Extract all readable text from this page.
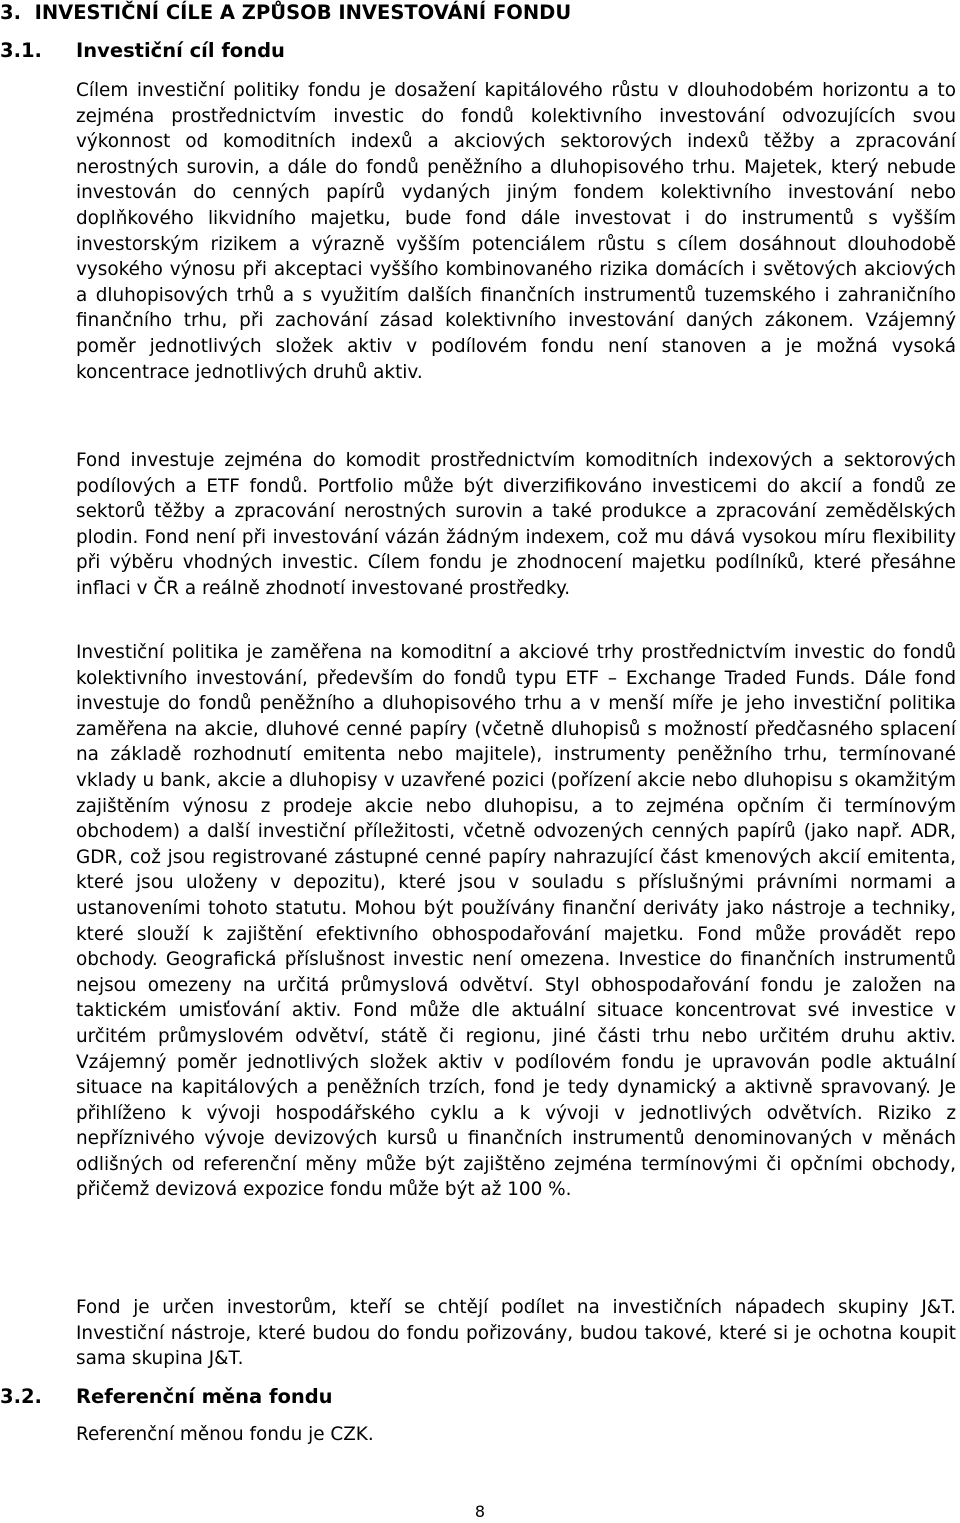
3. INVESTIČNÍ CÍLE A ZPŮSOB INVESTOVÁNÍ FONDU
3.1. Investiční cíl fondu
Cílem investiční politiky fondu je dosažení kapitálového růstu v dlouhodobém horizontu a to zejména prostřednictvím investic do fondů kolektivního investování odvozujících svou výkonnost od komoditních indexů a akciových sektorových indexů těžby a zpracování nerostných surovin, a dále do fondů peněžního a dluhopisového trhu. Majetek, který nebude investován do cenných papírů vydaných jiným fondem kolektivního investování nebo doplňkového likvidního majetku, bude fond dále investovat i do instrumentů s vyšším investorským rizikem a výrazně vyšším potenciálem růstu s cílem dosáhnout dlouhodobě vysokého výnosu při akceptaci vyššího kombinovaného rizika domácích i světových akciových a dluhopisových trhů a s využitím dalších finančních instrumentů tuzemského i zahraničního finančního trhu, při zachování zásad kolektivního investování daných zákonem. Vzájemný poměr jednotlivých složek aktiv v podílovém fondu není stanoven a je možná vysoká koncentrace jednotlivých druhů aktiv.
Fond investuje zejména do komodit prostřednictvím komoditních indexových a sektorových podílových a ETF fondů. Portfolio může být diverzifikováno investicemi do akcií a fondů ze sektorů těžby a zpracování nerostných surovin a také produkce a zpracování zemědělských plodin. Fond není při investování vázán žádným indexem, což mu dává vysokou míru flexibility při výběru vhodných investic. Cílem fondu je zhodnocení majetku podílníků, které přesáhne inflaci v ČR a reálně zhodnotí investované prostředky.
Investiční politika je zaměřena na komoditní a akciové trhy prostřednictvím investic do fondů kolektivního investování, především do fondů typu ETF – Exchange Traded Funds. Dále fond investuje do fondů peněžního a dluhopisového trhu a v menší míře je jeho investiční politika zaměřena na akcie, dluhové cenné papíry (včetně dluhopisů s možností předčasného splacení na základě rozhodnutí emitenta nebo majitele), instrumenty peněžního trhu, termínované vklady u bank, akcie a dluhopisy v uzavřené pozici (pořízení akcie nebo dluhopisu s okamžitým zajištěním výnosu z prodeje akcie nebo dluhopisu, a to zejména opčním či termínovým obchodem) a další investiční příležitosti, včetně odvozených cenných papírů (jako např. ADR, GDR, což jsou registrované zástupné cenné papíry nahrazující část kmenových akcií emitenta, které jsou uloženy v depozitu), které jsou v souladu s příslušnými právními normami a ustanoveními tohoto statutu. Mohou být používány finanční deriváty jako nástroje a techniky, které slouží k zajištění efektivního obhospodařování majetku. Fond může provádět repo obchody. Geografická příslušnost investic není omezena. Investice do finančních instrumentů nejsou omezeny na určitá průmyslová odvětví. Styl obhospodařování fondu je založen na taktickém umisťování aktiv. Fond může dle aktuální situace koncentrovat své investice v určitém průmyslovém odvětví, státě či regionu, jiné části trhu nebo určitém druhu aktiv. Vzájemný poměr jednotlivých složek aktiv v podílovém fondu je upravován podle aktuální situace na kapitálových a peněžních trzích, fond je tedy dynamický a aktivně spravovaný. Je přihlíženo k vývoji hospodářského cyklu a k vývoji v jednotlivých odvětvích. Riziko z nepříznivého vývoje devizových kursů u finančních instrumentů denominovaných v měnách odlišných od referenční měny může být zajištěno zejména termínovými či opčními obchody, přičemž devizová expozice fondu může být až 100 %.
Fond je určen investorům, kteří se chtějí podílet na investičních nápadech skupiny J&T. Investiční nástroje, které budou do fondu pořizovány, budou takové, které si je ochotna koupit sama skupina J&T.
3.2. Referenční měna fondu
Referenční měnou fondu je CZK.
8
